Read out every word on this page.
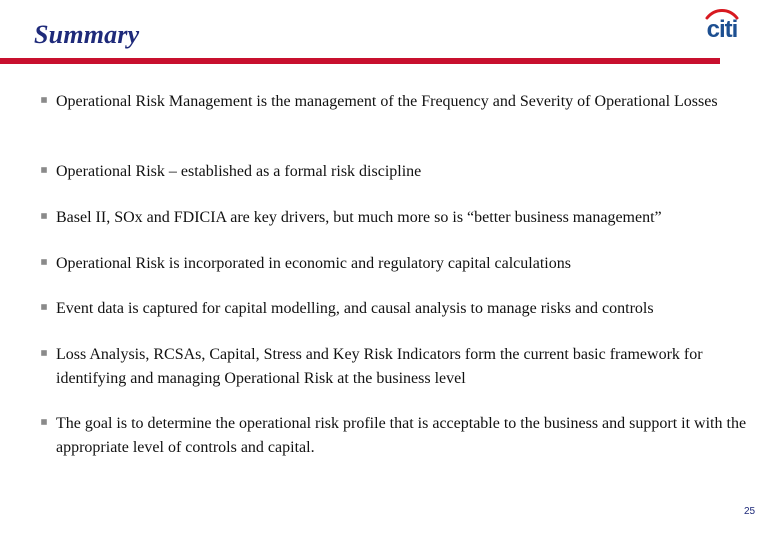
Summary	citi
Operational Risk Management is the management of the Frequency and Severity of Operational Losses
Operational Risk – established as a formal risk discipline
Basel II, SOx and FDICIA are key drivers, but much more so is “better business management”
Operational Risk is incorporated in economic and regulatory capital calculations
Event data is captured for capital modelling, and causal analysis to manage risks and controls
Loss Analysis, RCSAs, Capital, Stress and Key Risk Indicators form the current basic framework for identifying and managing Operational Risk at the business level
The goal is to determine the operational risk profile that is acceptable to the business and support it with the appropriate level of controls and capital.
25
